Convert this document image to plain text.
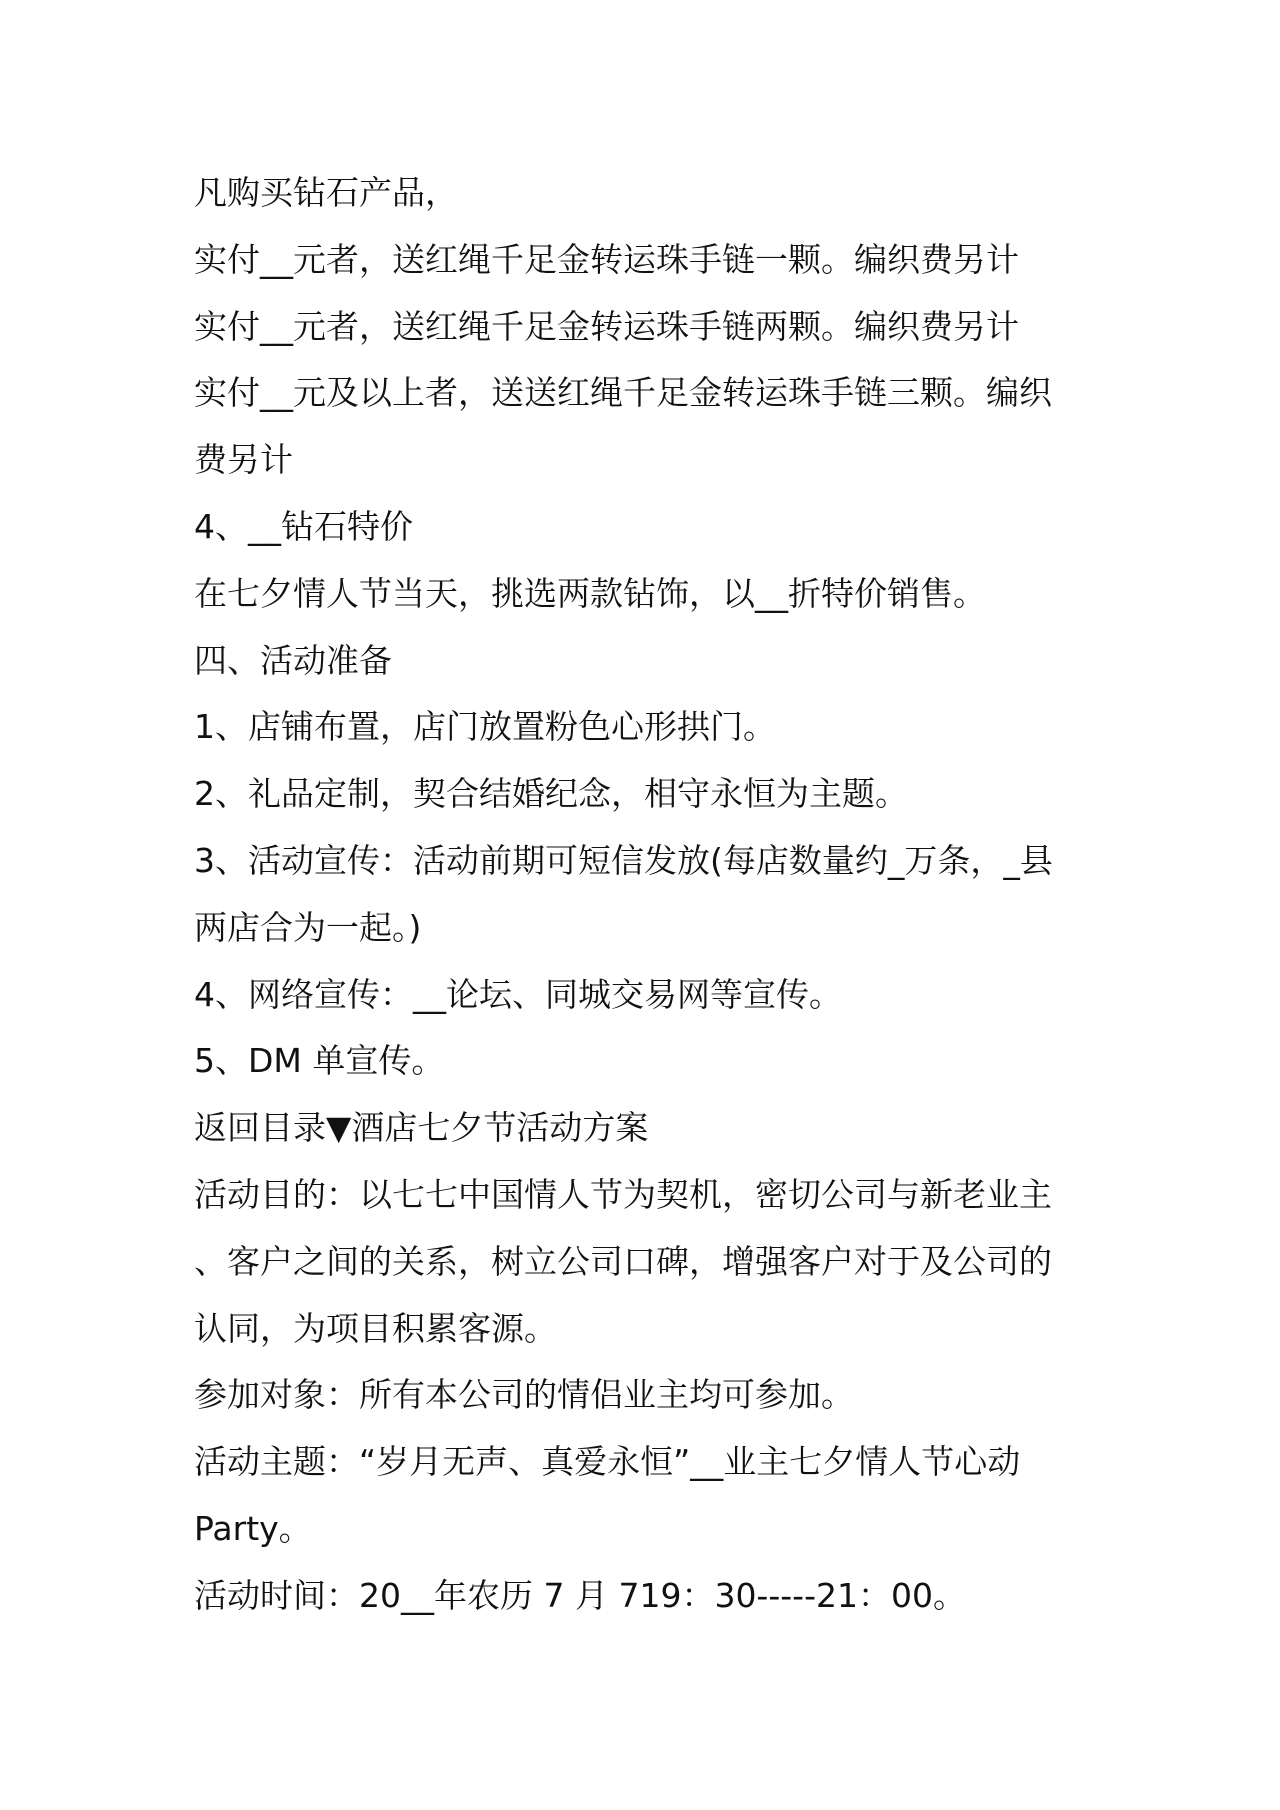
凡购买钻石产品，
实付__元者，送红绳千足金转运珠手链一颗。编织费另计
实付__元者，送红绳千足金转运珠手链两颗。编织费另计
实付__元及以上者，送送红绳千足金转运珠手链三颗。编织
费另计
4、__钻石特价
在七夕情人节当天，挑选两款钻饰，以__折特价销售。
四、活动准备
1、店铺布置，店门放置粉色心形拱门。
2、礼品定制，契合结婚纪念，相守永恒为主题。
3、活动宣传：活动前期可短信发放(每店数量约_万条，_县
两店合为一起。)
4、网络宣传：__论坛、同城交易网等宣传。
5、DM 单宣传。
返回目录▼酒店七夕节活动方案
活动目的：以七七中国情人节为契机，密切公司与新老业主
、客户之间的关系，树立公司口碑，增强客户对于及公司的
认同，为项目积累客源。
参加对象：所有本公司的情侣业主均可参加。
活动主题：“岁月无声、真爱永恒”__业主七夕情人节心动
Party。
活动时间：20__年农历 7 月 719：30-----21：00。
